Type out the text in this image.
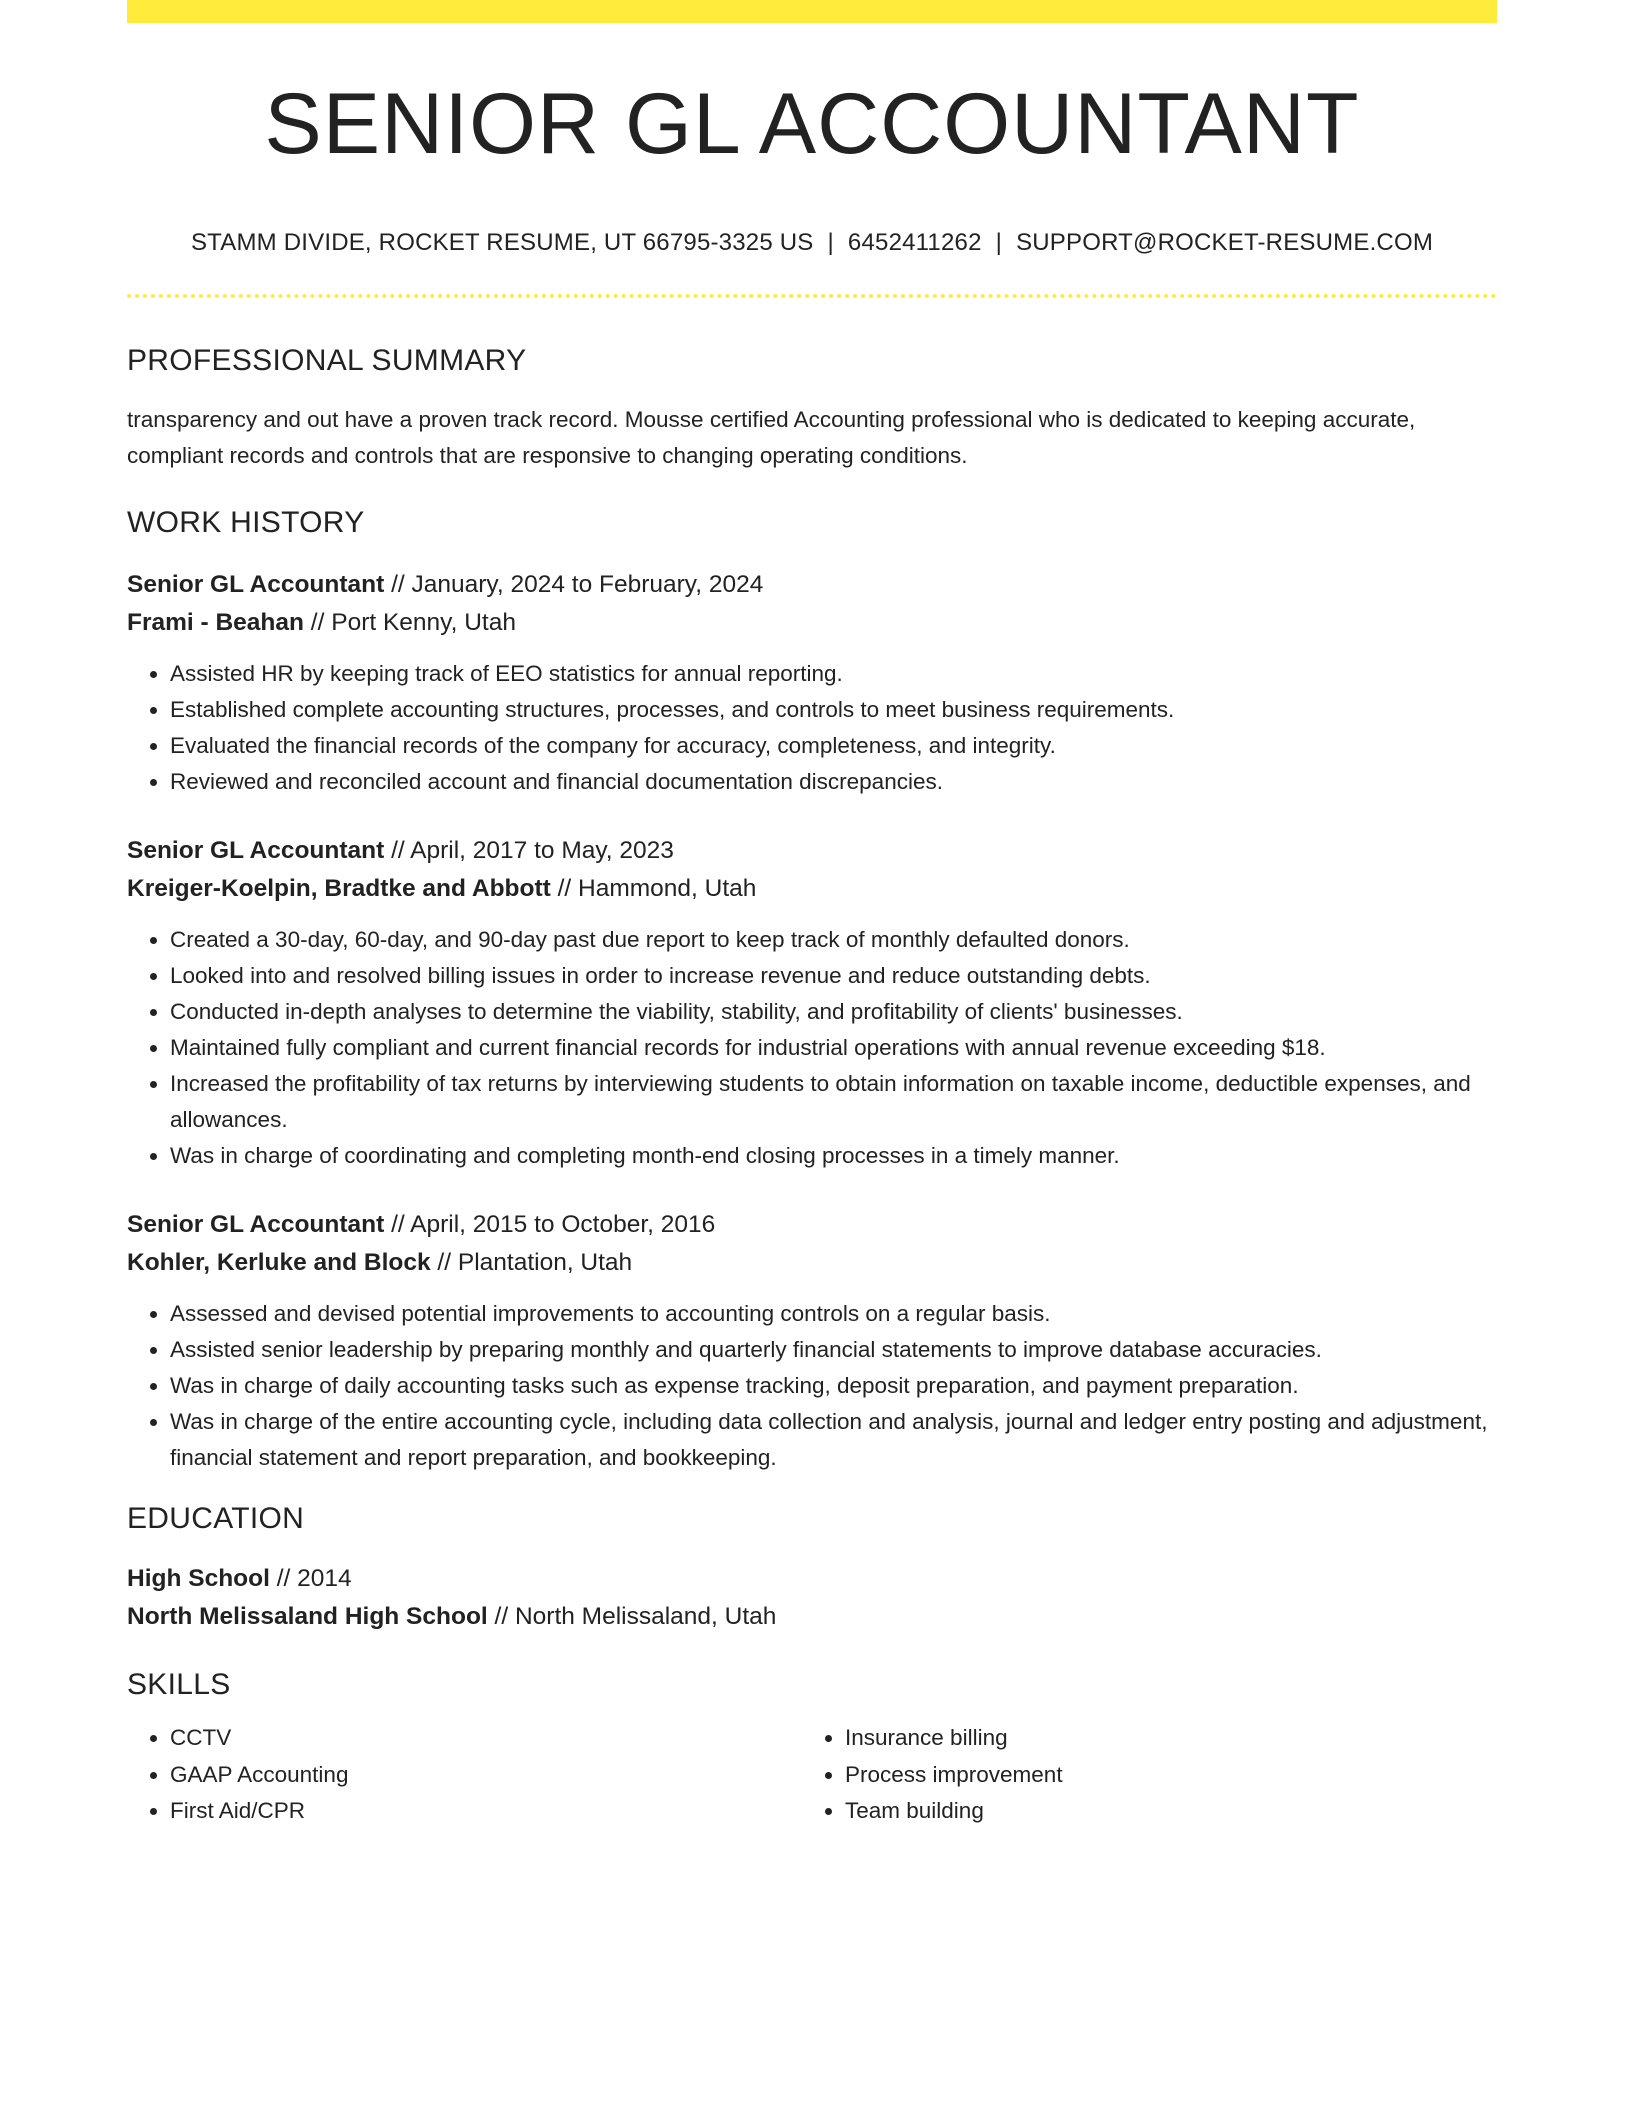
SENIOR GL ACCOUNTANT
STAMM DIVIDE, ROCKET RESUME, UT 66795-3325 US | 6452411262 | SUPPORT@ROCKET-RESUME.COM
PROFESSIONAL SUMMARY

transparency and out have a proven track record. Mousse certified Accounting professional who is dedicated to keeping accurate, compliant records and controls that are responsive to changing operating conditions.

WORK HISTORY
Senior GL Accountant // January, 2024 to February, 2024
Frami - Beahan // Port Kenny, Utah
• Assisted HR by keeping track of EEO statistics for annual reporting.
• Established complete accounting structures, processes, and controls to meet business requirements.
• Evaluated the financial records of the company for accuracy, completeness, and integrity.
• Reviewed and reconciled account and financial documentation discrepancies.
Senior GL Accountant // April, 2017 to May, 2023
Kreiger-Koelpin, Bradtke and Abbott // Hammond, Utah
• Created a 30-day, 60-day, and 90-day past due report to keep track of monthly defaulted donors.
• Looked into and resolved billing issues in order to increase revenue and reduce outstanding debts.
• Conducted in-depth analyses to determine the viability, stability, and profitability of clients' businesses.
• Maintained fully compliant and current financial records for industrial operations with annual revenue exceeding $18.
• Increased the profitability of tax returns by interviewing students to obtain information on taxable income, deductible expenses, and allowances.
• Was in charge of coordinating and completing month-end closing processes in a timely manner.
Senior GL Accountant // April, 2015 to October, 2016
Kohler, Kerluke and Block // Plantation, Utah
• Assessed and devised potential improvements to accounting controls on a regular basis.
• Assisted senior leadership by preparing monthly and quarterly financial statements to improve database accuracies.
• Was in charge of daily accounting tasks such as expense tracking, deposit preparation, and payment preparation.
• Was in charge of the entire accounting cycle, including data collection and analysis, journal and ledger entry posting and adjustment, financial statement and report preparation, and bookkeeping.
EDUCATION
High School // 2014
North Melissaland High School // North Melissaland, Utah
SKILLS
• CCTV
• GAAP Accounting
• First Aid/CPR
• Insurance billing
• Process improvement
• Team building
